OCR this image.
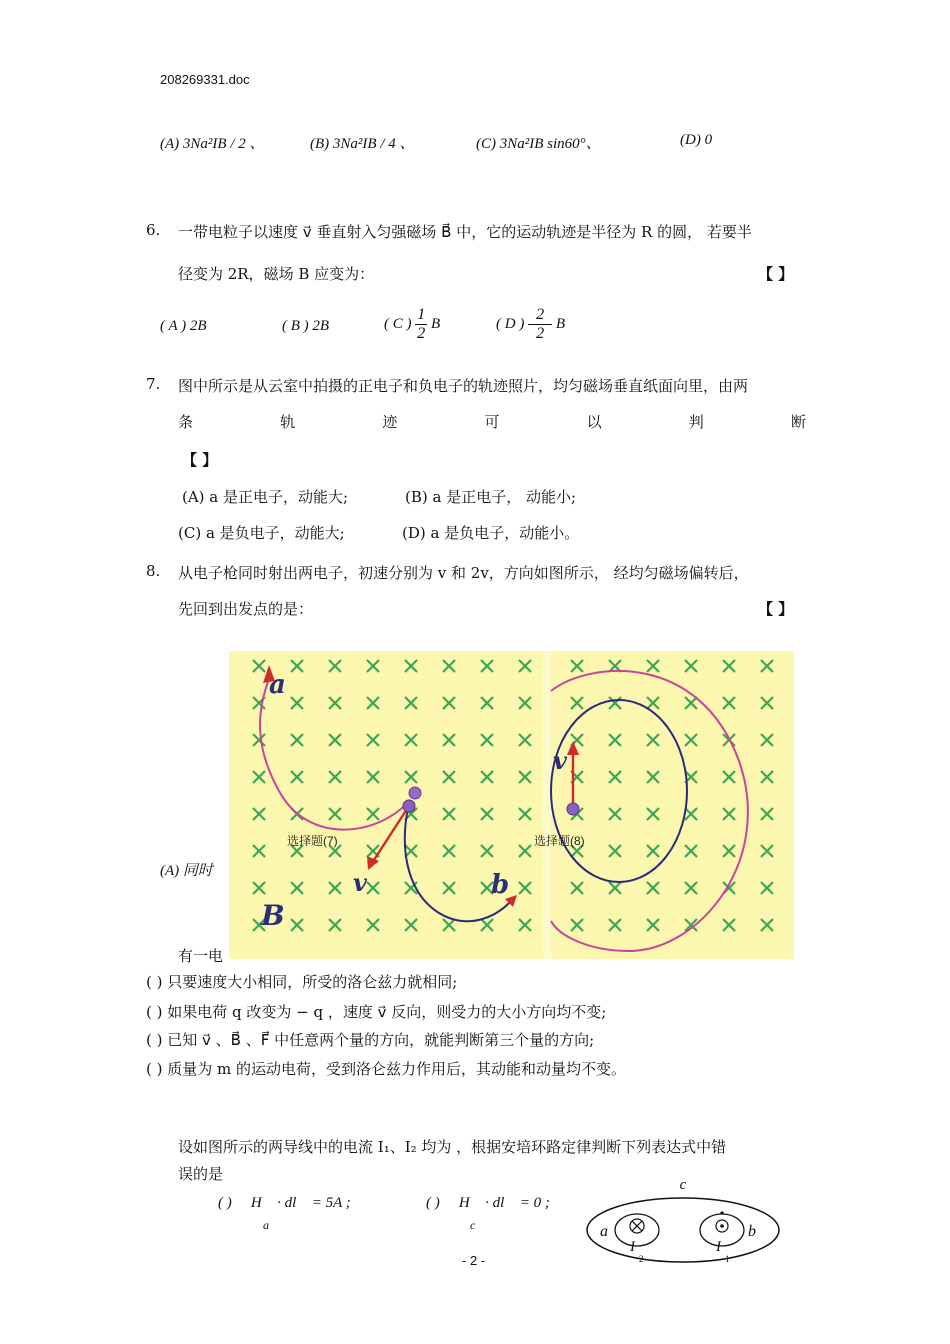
208269331.doc
(A) 3Na²IB / 2 、	(B) 3Na²IB / 4 、	(C) 3Na²IB sin60°、	(D) 0
6. 一带电粒子以速度 v⃗ 垂直射入匀强磁场 B⃗ 中，它的运动轨迹是半径为 R 的圆， 若要半
径变为 2R，磁场 B 应变为：	【 】
( A ) 2B	( B ) 2B	( C ) $\frac{1}{2}$ B	( D ) $\frac{2}{2}$ B
7. 图中所示是从云室中拍摄的正电子和负电子的轨迹照片，均匀磁场垂直纸面向里，由两
条	轨	迹	可	以	判	断
【 】
(A) a 是正电子，动能大;	(B) a 是正电子， 动能小;
(C) a 是负电子，动能大;	(D) a 是负电子，动能小。
8. 从电子枪同时射出两电子，初速分别为 v 和 2v，方向如图所示， 经均匀磁场偏转后，
先回到出发点的是：	【 】
(A) 同时
有一电
a
b
v
B
v
选择题(7)	选择题(8)
( ) 只要速度大小相同，所受的洛仑兹力就相同;
( ) 如果电荷 q 改变为 − q ，速度 v⃗ 反向，则受力的大小方向均不变;
( ) 已知 v⃗ 、B⃗ 、F⃗ 中任意两个量的方向，就能判断第三个量的方向;
( ) 质量为 m 的运动电荷，受到洛仑兹力作用后，其动能和动量均不变。
设如图所示的两导线中的电流 I₁、I₂ 均为 ，根据安培环路定律判断下列表达式中错
误的是
( ) ∮ H⃗ · dl⃗ = 5A ;
a
( ) ∮ H⃗ · dl⃗ = 0 ;
c
c
a	b
I
2
I
1
- 2 -
